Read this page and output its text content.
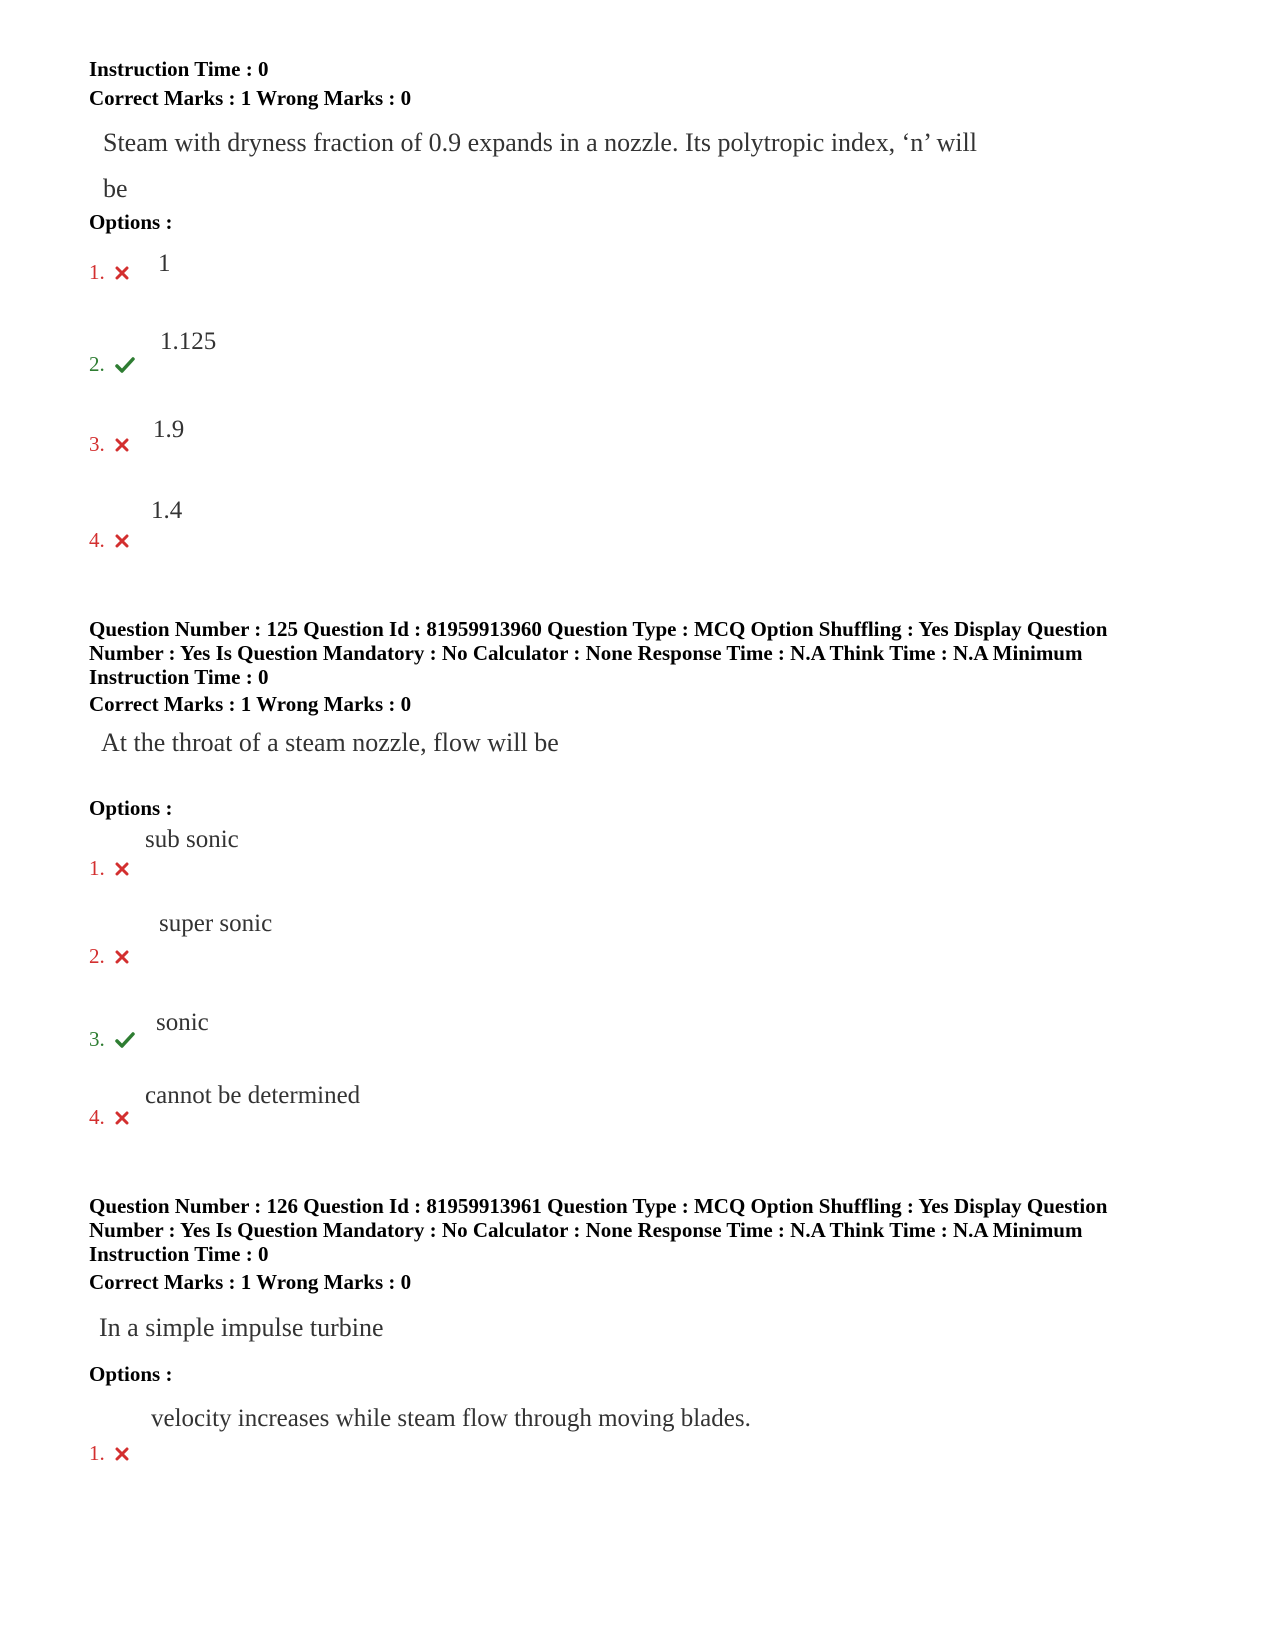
Instruction Time : 0
Correct Marks : 1 Wrong Marks : 0
Steam with dryness fraction of 0.9 expands in a nozzle. Its polytropic index, ‘n’ will
be
Options :
1.	1
2.
1.125
3.
1.9
4.
1.4
Question Number : 125 Question Id : 81959913960 Question Type : MCQ Option Shuffling : Yes Display Question
Number : Yes Is Question Mandatory : No Calculator : None Response Time : N.A Think Time : N.A Minimum
Instruction Time : 0
Correct Marks : 1 Wrong Marks : 0
At the throat of a steam nozzle, flow will be
Options :
1.
sub sonic
2.
super sonic
3.
sonic
4.
cannot be determined
Question Number : 126 Question Id : 81959913961 Question Type : MCQ Option Shuffling : Yes Display Question
Number : Yes Is Question Mandatory : No Calculator : None Response Time : N.A Think Time : N.A Minimum
Instruction Time : 0
Correct Marks : 1 Wrong Marks : 0
In a simple impulse turbine
Options :
1.
velocity increases while steam flow through moving blades.
